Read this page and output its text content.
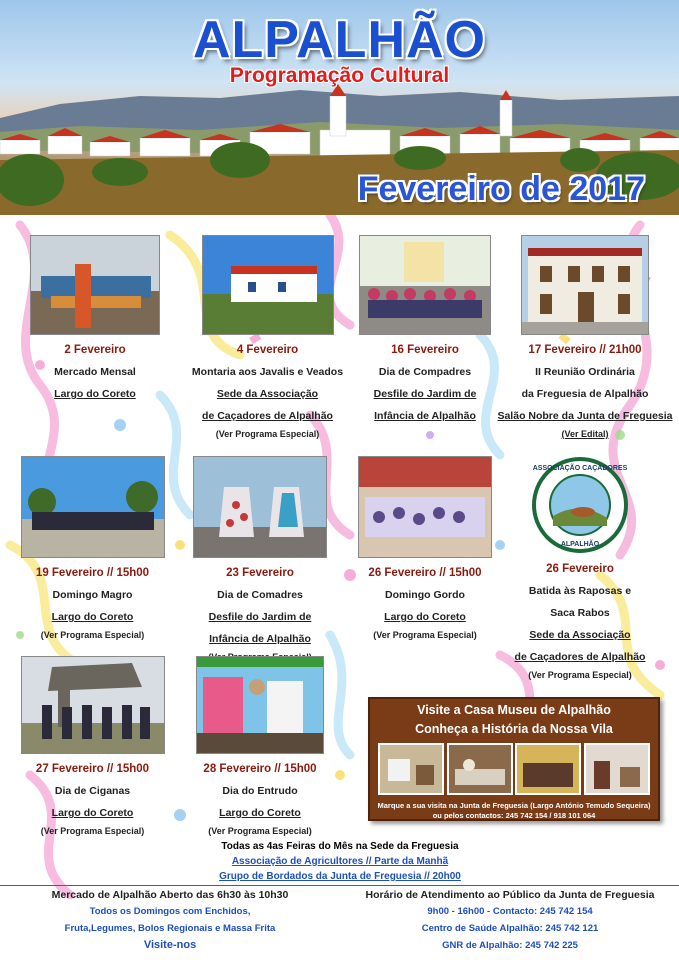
ALPALHÃO
Programação Cultural
Fevereiro de 2017
2 Fevereiro
Mercado Mensal
Largo do Coreto
4 Fevereiro
Montaria aos Javalis e Veados
Sede da Associação
de Caçadores de Alpalhão
(Ver Programa Especial)
16 Fevereiro
Dia de Compadres
Desfile do Jardim de
Infância de Alpalhão
17 Fevereiro // 21h00
II Reunião Ordinária
da Freguesia de Alpalhão
Salão Nobre da Junta de Freguesia
(Ver Edital)
19 Fevereiro // 15h00
Domingo Magro
Largo do Coreto
(Ver Programa Especial)
23 Fevereiro
Dia de Comadres
Desfile do Jardim de
Infância de Alpalhão
26 Fevereiro // 15h00
Domingo Gordo
Largo do Coreto
(Ver Programa Especial)
ASSOCIAÇÃO CAÇADORES
ALPALHÃO
26 Fevereiro
Batida às Raposas e
Saca Rabos
Sede da Associação
de Caçadores de Alpalhão
(Ver Programa Especial)
27 Fevereiro // 15h00
Dia de Ciganas
Largo do Coreto
(Ver Programa Especial)
28 Fevereiro // 15h00
Dia do Entrudo
Largo do Coreto
(Ver Programa Especial)
Visite a Casa Museu de Alpalhão
Conheça a História da Nossa Vila
Marque a sua visita na Junta de Freguesia (Largo António Temudo Sequeira)
ou pelos contactos: 245 742 154 / 918 101 064
Todas as 4as Feiras do Mês na Sede da Freguesia
Associação de Agricultores // Parte da Manhã
Grupo de Bordados da Junta de Freguesia // 20h00
Mercado de Alpalhão Aberto das 6h30 às 10h30
Todos os Domingos com Enchidos,
Fruta,Legumes, Bolos Regionais e Massa Frita
Visite-nos
Horário de Atendimento ao Público da Junta de Freguesia
9h00 - 16h00 - Contacto: 245 742 154
Centro de Saúde Alpalhão: 245 742 121
GNR de Alpalhão: 245 742 225
